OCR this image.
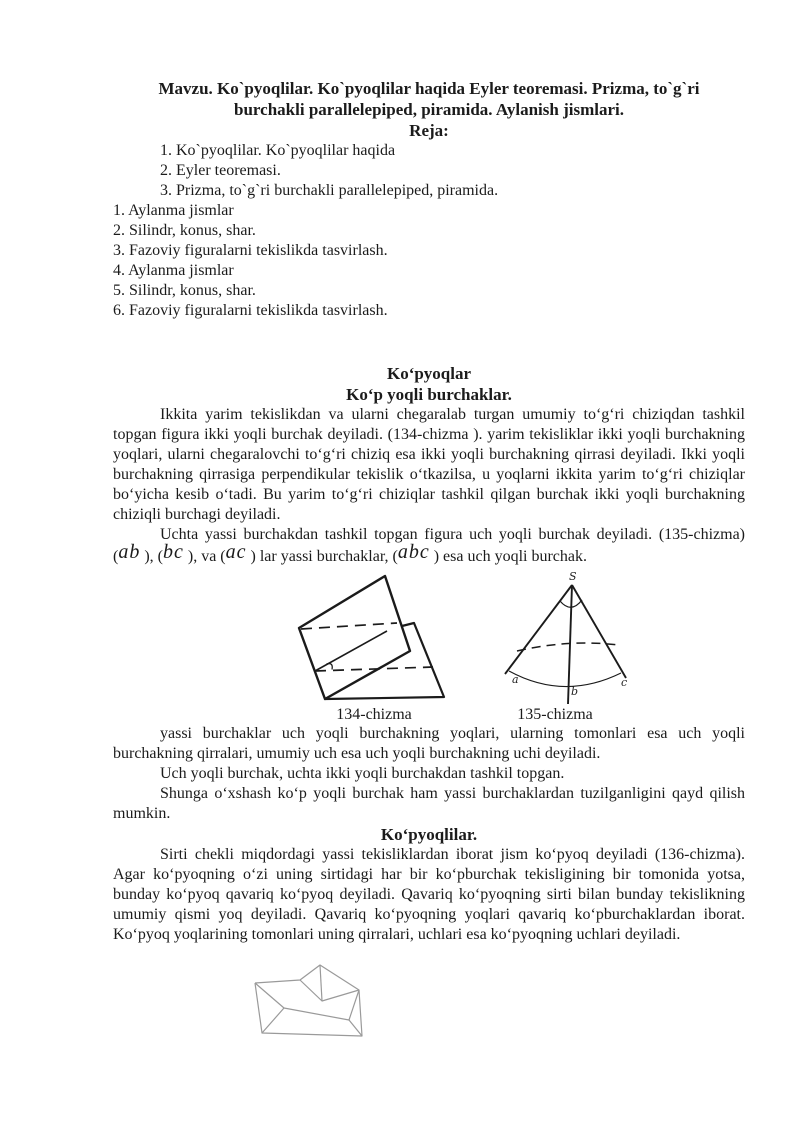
Mavzu. Ko`pyoqlilar. Ko`pyoqlilar haqida Eyler teoremasi. Prizma, to`g`ri burchakli parallelepiped, piramida. Aylanish jismlari.
Reja:
1. Ko`pyoqlilar. Ko`pyoqlilar haqida
2. Eyler teoremasi.
3. Prizma, to`g`ri burchakli parallelepiped, piramida.
1. Aylanma jismlar
2. Silindr, konus, shar.
3. Fazoviy figuralarni tekislikda tasvirlash.
4. Aylanma jismlar
5. Silindr, konus, shar.
6. Fazoviy figuralarni tekislikda tasvirlash.
Ko‘pyoqlar
Ko‘p yoqli burchaklar.

Ikkita yarim tekislikdan va ularni chegaralab turgan umumiy to‘g‘ri chiziqdan tashkil topgan figura ikki yoqli burchak deyiladi. (134-chizma ). yarim tekisliklar ikki yoqli burchakning yoqlari, ularni chegaralovchi to‘g‘ri chiziq esa ikki yoqli burchakning qirrasi deyiladi. Ikki yoqli burchakning qirrasiga perpendikular tekislik o‘tkazilsa, u yoqlarni ikkita yarim to‘g‘ri chiziqlar bo‘yicha kesib o‘tadi. Bu yarim to‘g‘ri chiziqlar tashkil qilgan burchak ikki yoqli burchakning chiziqli burchagi deyiladi.

Uchta yassi burchakdan tashkil topgan figura uch yoqli burchak deyiladi. (135-chizma) (ab ), (bc ), va (ac ) lar yassi burchaklar, (abc ) esa uch yoqli burchak.

134-chizma
S
a
b
c
135-chizma

yassi burchaklar uch yoqli burchakning yoqlari, ularning tomonlari esa uch yoqli burchakning qirralari, umumiy uch esa uch yoqli burchakning uchi deyiladi.

Uch yoqli burchak, uchta ikki yoqli burchakdan tashkil topgan.

Shunga o‘xshash ko‘p yoqli burchak ham yassi burchaklardan tuzilganligini qayd qilish mumkin.

Ko‘pyoqlilar.

Sirti chekli miqdordagi yassi tekisliklardan iborat jism ko‘pyoq deyiladi (136-chizma). Agar ko‘pyoqning o‘zi uning sirtidagi har bir ko‘pburchak tekisligining bir tomonida yotsa, bunday ko‘pyoq qavariq ko‘pyoq deyiladi. Qavariq ko‘pyoqning sirti bilan bunday tekislikning umumiy qismi yoq deyiladi. Qavariq ko‘pyoqning yoqlari qavariq ko‘pburchaklardan iborat. Ko‘pyoq yoqlarining tomonlari uning qirralari, uchlari esa ko‘pyoqning uchlari deyiladi.
